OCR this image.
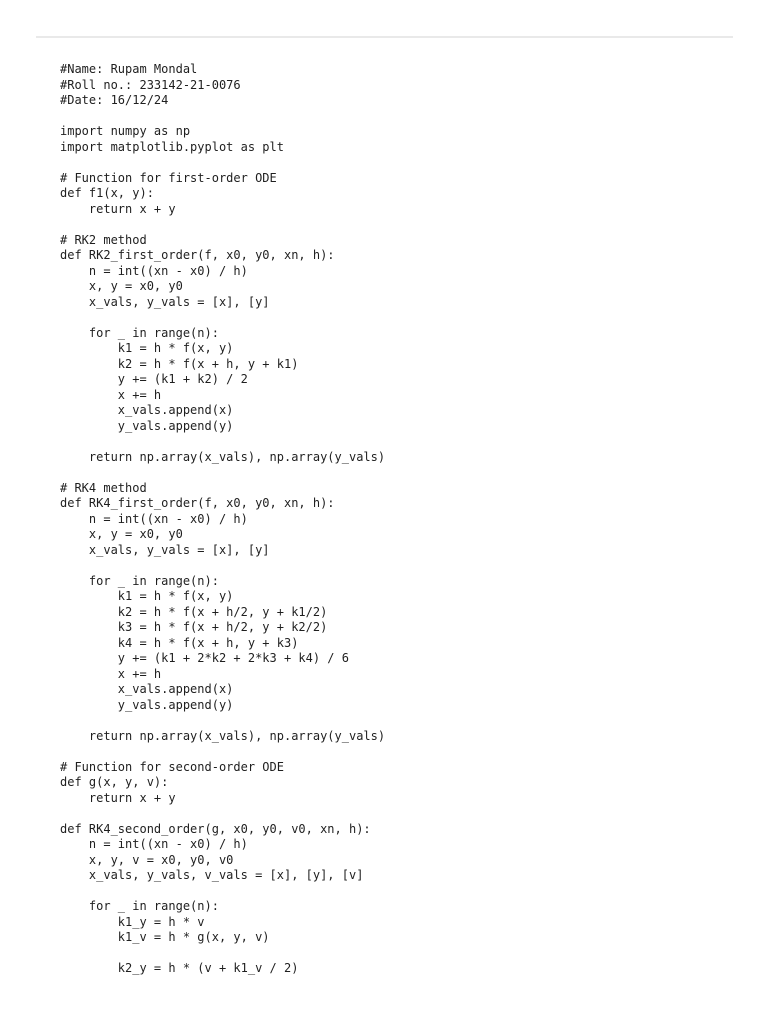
#Name: Rupam Mondal
#Roll no.: 233142-21-0076
#Date: 16/12/24

import numpy as np
import matplotlib.pyplot as plt

# Function for first-order ODE
def f1(x, y):
return x + y

# RK2 method
def RK2_first_order(f, x0, y0, xn, h):
n = int((xn - x0) / h)
x, y = x0, y0
x_vals, y_vals = [x], [y]

for _ in range(n):
k1 = h * f(x, y)
k2 = h * f(x + h, y + k1)
y += (k1 + k2) / 2
x += h
x_vals.append(x)
y_vals.append(y)

return np.array(x_vals), np.array(y_vals)

# RK4 method
def RK4_first_order(f, x0, y0, xn, h):
n = int((xn - x0) / h)
x, y = x0, y0
x_vals, y_vals = [x], [y]

for _ in range(n):
k1 = h * f(x, y)
k2 = h * f(x + h/2, y + k1/2)
k3 = h * f(x + h/2, y + k2/2)
k4 = h * f(x + h, y + k3)
y += (k1 + 2*k2 + 2*k3 + k4) / 6
x += h
x_vals.append(x)
y_vals.append(y)

return np.array(x_vals), np.array(y_vals)

# Function for second-order ODE
def g(x, y, v):
return x + y

def RK4_second_order(g, x0, y0, v0, xn, h):
n = int((xn - x0) / h)
x, y, v = x0, y0, v0
x_vals, y_vals, v_vals = [x], [y], [v]

for _ in range(n):
k1_y = h * v
k1_v = h * g(x, y, v)

k2_y = h * (v + k1_v / 2)
